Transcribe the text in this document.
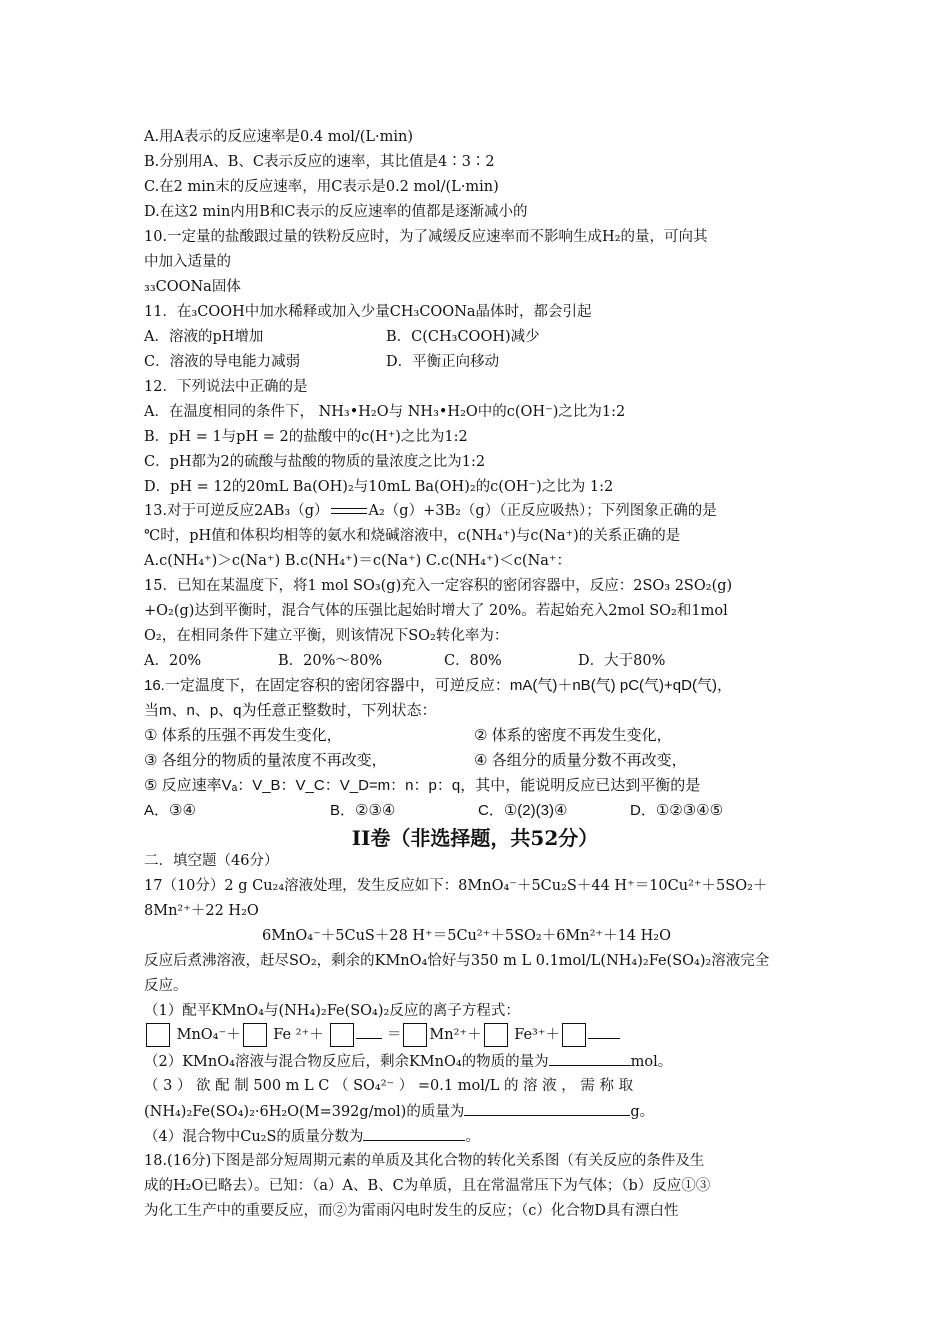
A.用A表示的反应速率是0.4 mol/(L·min)
B.分别用A、B、C表示反应的速率，其比值是4∶3∶2
C.在2 min末的反应速率，用C表示是0.2 mol/(L·min)
D.在这2 min内用B和C表示的反应速率的值都是逐渐减小的
10.一定量的盐酸跟过量的铁粉反应时，为了减缓反应速率而不影响生成H₂的量，可向其
中加入适量的
₃₃COONa固体
11．在₃COOH中加水稀释或加入少量CH₃COONa晶体时，都会引起
A．溶液的pH增加	B．C(CH₃COOH)减少
C．溶液的导电能力减弱	D．平衡正向移动
12．下列说法中正确的是
A．在温度相同的条件下， NH₃•H₂O与 NH₃•H₂O中的c(OH⁻)之比为1:2
B．pH = 1与pH = 2的盐酸中的c(H⁺)之比为1:2
C．pH都为2的硫酸与盐酸的物质的量浓度之比为1:2
D．pH = 12的20mL Ba(OH)₂与10mL Ba(OH)₂的c(OH⁻)之比为 1:2
13.对于可逆反应2AB₃（g）	A₂（g）+3B₂（g）（正反应吸热）；下列图象正确的是
℃时，pH值和体积均相等的氨水和烧碱溶液中，c(NH₄⁺)与c(Na⁺)的关系正确的是
A.c(NH₄⁺)＞c(Na⁺) B.c(NH₄⁺)＝c(Na⁺) C.c(NH₄⁺)＜c(Na⁺：
15．已知在某温度下，将1 mol SO₃(g)充入一定容积的密闭容器中，反应：2SO₃ 2SO₂(g)
+O₂(g)达到平衡时，混合气体的压强比起始时增大了 20%。若起始充入2mol SO₂和1mol
O₂，在相同条件下建立平衡，则该情况下SO₂转化率为：
A．20%	B．20%～80%	C．80%	D．大于80%
16.一定温度下，在固定容积的密闭容器中，可逆反应：mA(气)＋nB(气) pC(气)+qD(气)，
当m、n、p、q为任意正整数时，下列状态：
① 体系的压强不再发生变化，	② 体系的密度不再发生变化，
③ 各组分的物质的量浓度不再改变，	④ 各组分的质量分数不再改变，
⑤ 反应速率Vₐ：V_B：V_C：V_D=m：n：p：q，其中，能说明反应已达到平衡的是
A．③④	B．②③④	C．①(2)(3)④	D．①②③④⑤
II卷（非选择题，共52分）
二．填空题（46分）
17（10分）2 g Cu₂₄溶液处理，发生反应如下：8MnO₄⁻＋5Cu₂S＋44 H⁺＝10Cu²⁺＋5SO₂＋
8Mn²⁺＋22 H₂O
6MnO₄⁻＋5CuS＋28 H⁺＝5Cu²⁺＋5SO₂＋6Mn²⁺＋14 H₂O
反应后煮沸溶液，赶尽SO₂，剩余的KMnO₄恰好与350 m L 0.1mol/L(NH₄)₂Fe(SO₄)₂溶液完全
反应。
（1）配平KMnO₄与(NH₄)₂Fe(SO₄)₂反应的离子方程式：
MnO₄⁻＋ Fe ²⁺＋	＝ Mn²⁺＋ Fe³⁺＋
（2）KMnO₄溶液与混合物反应后，剩余KMnO₄的物质的量为	mol。
（ 3 ） 欲 配 制 500 m L C （ SO₄²⁻ ） =0.1 mol/L 的 溶 液 ， 需 称 取
(NH₄)₂Fe(SO₄)₂·6H₂O(M=392g/mol)的质量为	g。
（4）混合物中Cu₂S的质量分数为	。
18.(16分)下图是部分短周期元素的单质及其化合物的转化关系图（有关反应的条件及生
成的H₂O已略去）。已知：（a）A、B、C为单质，且在常温常压下为气体；（b）反应①③
为化工生产中的重要反应，而②为雷雨闪电时发生的反应；（c）化合物D具有漂白性
